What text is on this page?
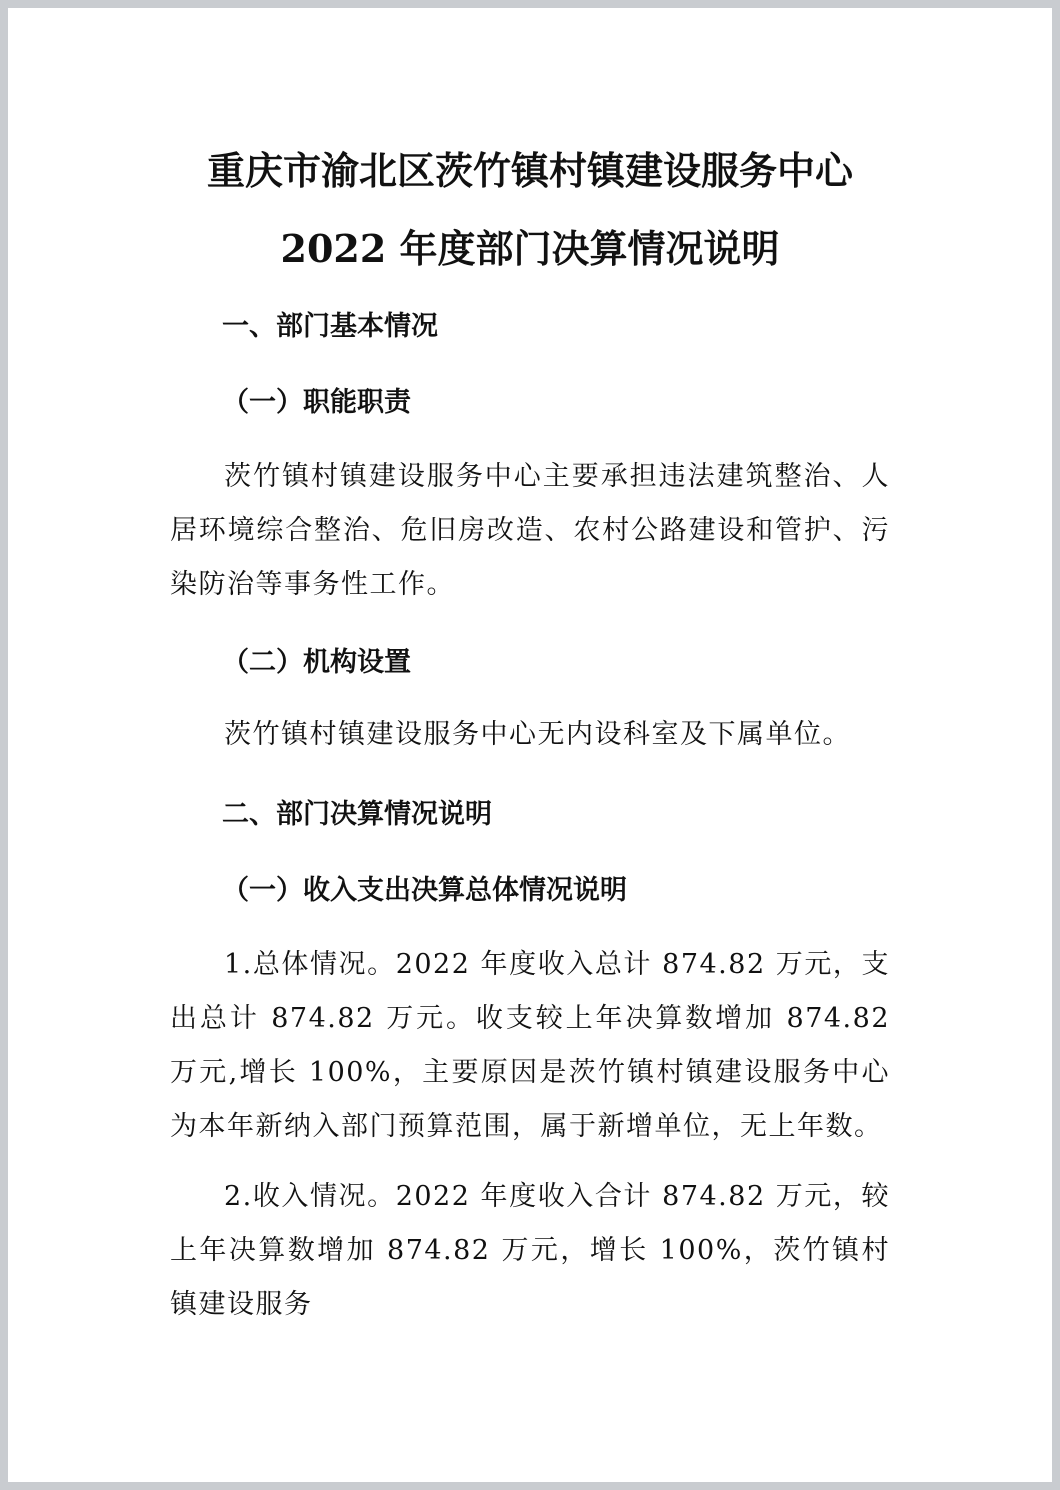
重庆市渝北区茨竹镇村镇建设服务中心
2022 年度部门决算情况说明
一、部门基本情况
（一）职能职责

茨竹镇村镇建设服务中心主要承担违法建筑整治、人居环境综合整治、危旧房改造、农村公路建设和管护、污染防治等事务性工作。

（二）机构设置

茨竹镇村镇建设服务中心无内设科室及下属单位。

二、部门决算情况说明
（一）收入支出决算总体情况说明

1.总体情况。2022 年度收入总计 874.82 万元，支出总计 874.82 万元。收支较上年决算数增加 874.82 万元,增长 100%，主要原因是茨竹镇村镇建设服务中心为本年新纳入部门预算范围，属于新增单位，无上年数。

2.收入情况。2022 年度收入合计 874.82 万元，较上年决算数增加 874.82 万元，增长 100%，茨竹镇村镇建设服务
